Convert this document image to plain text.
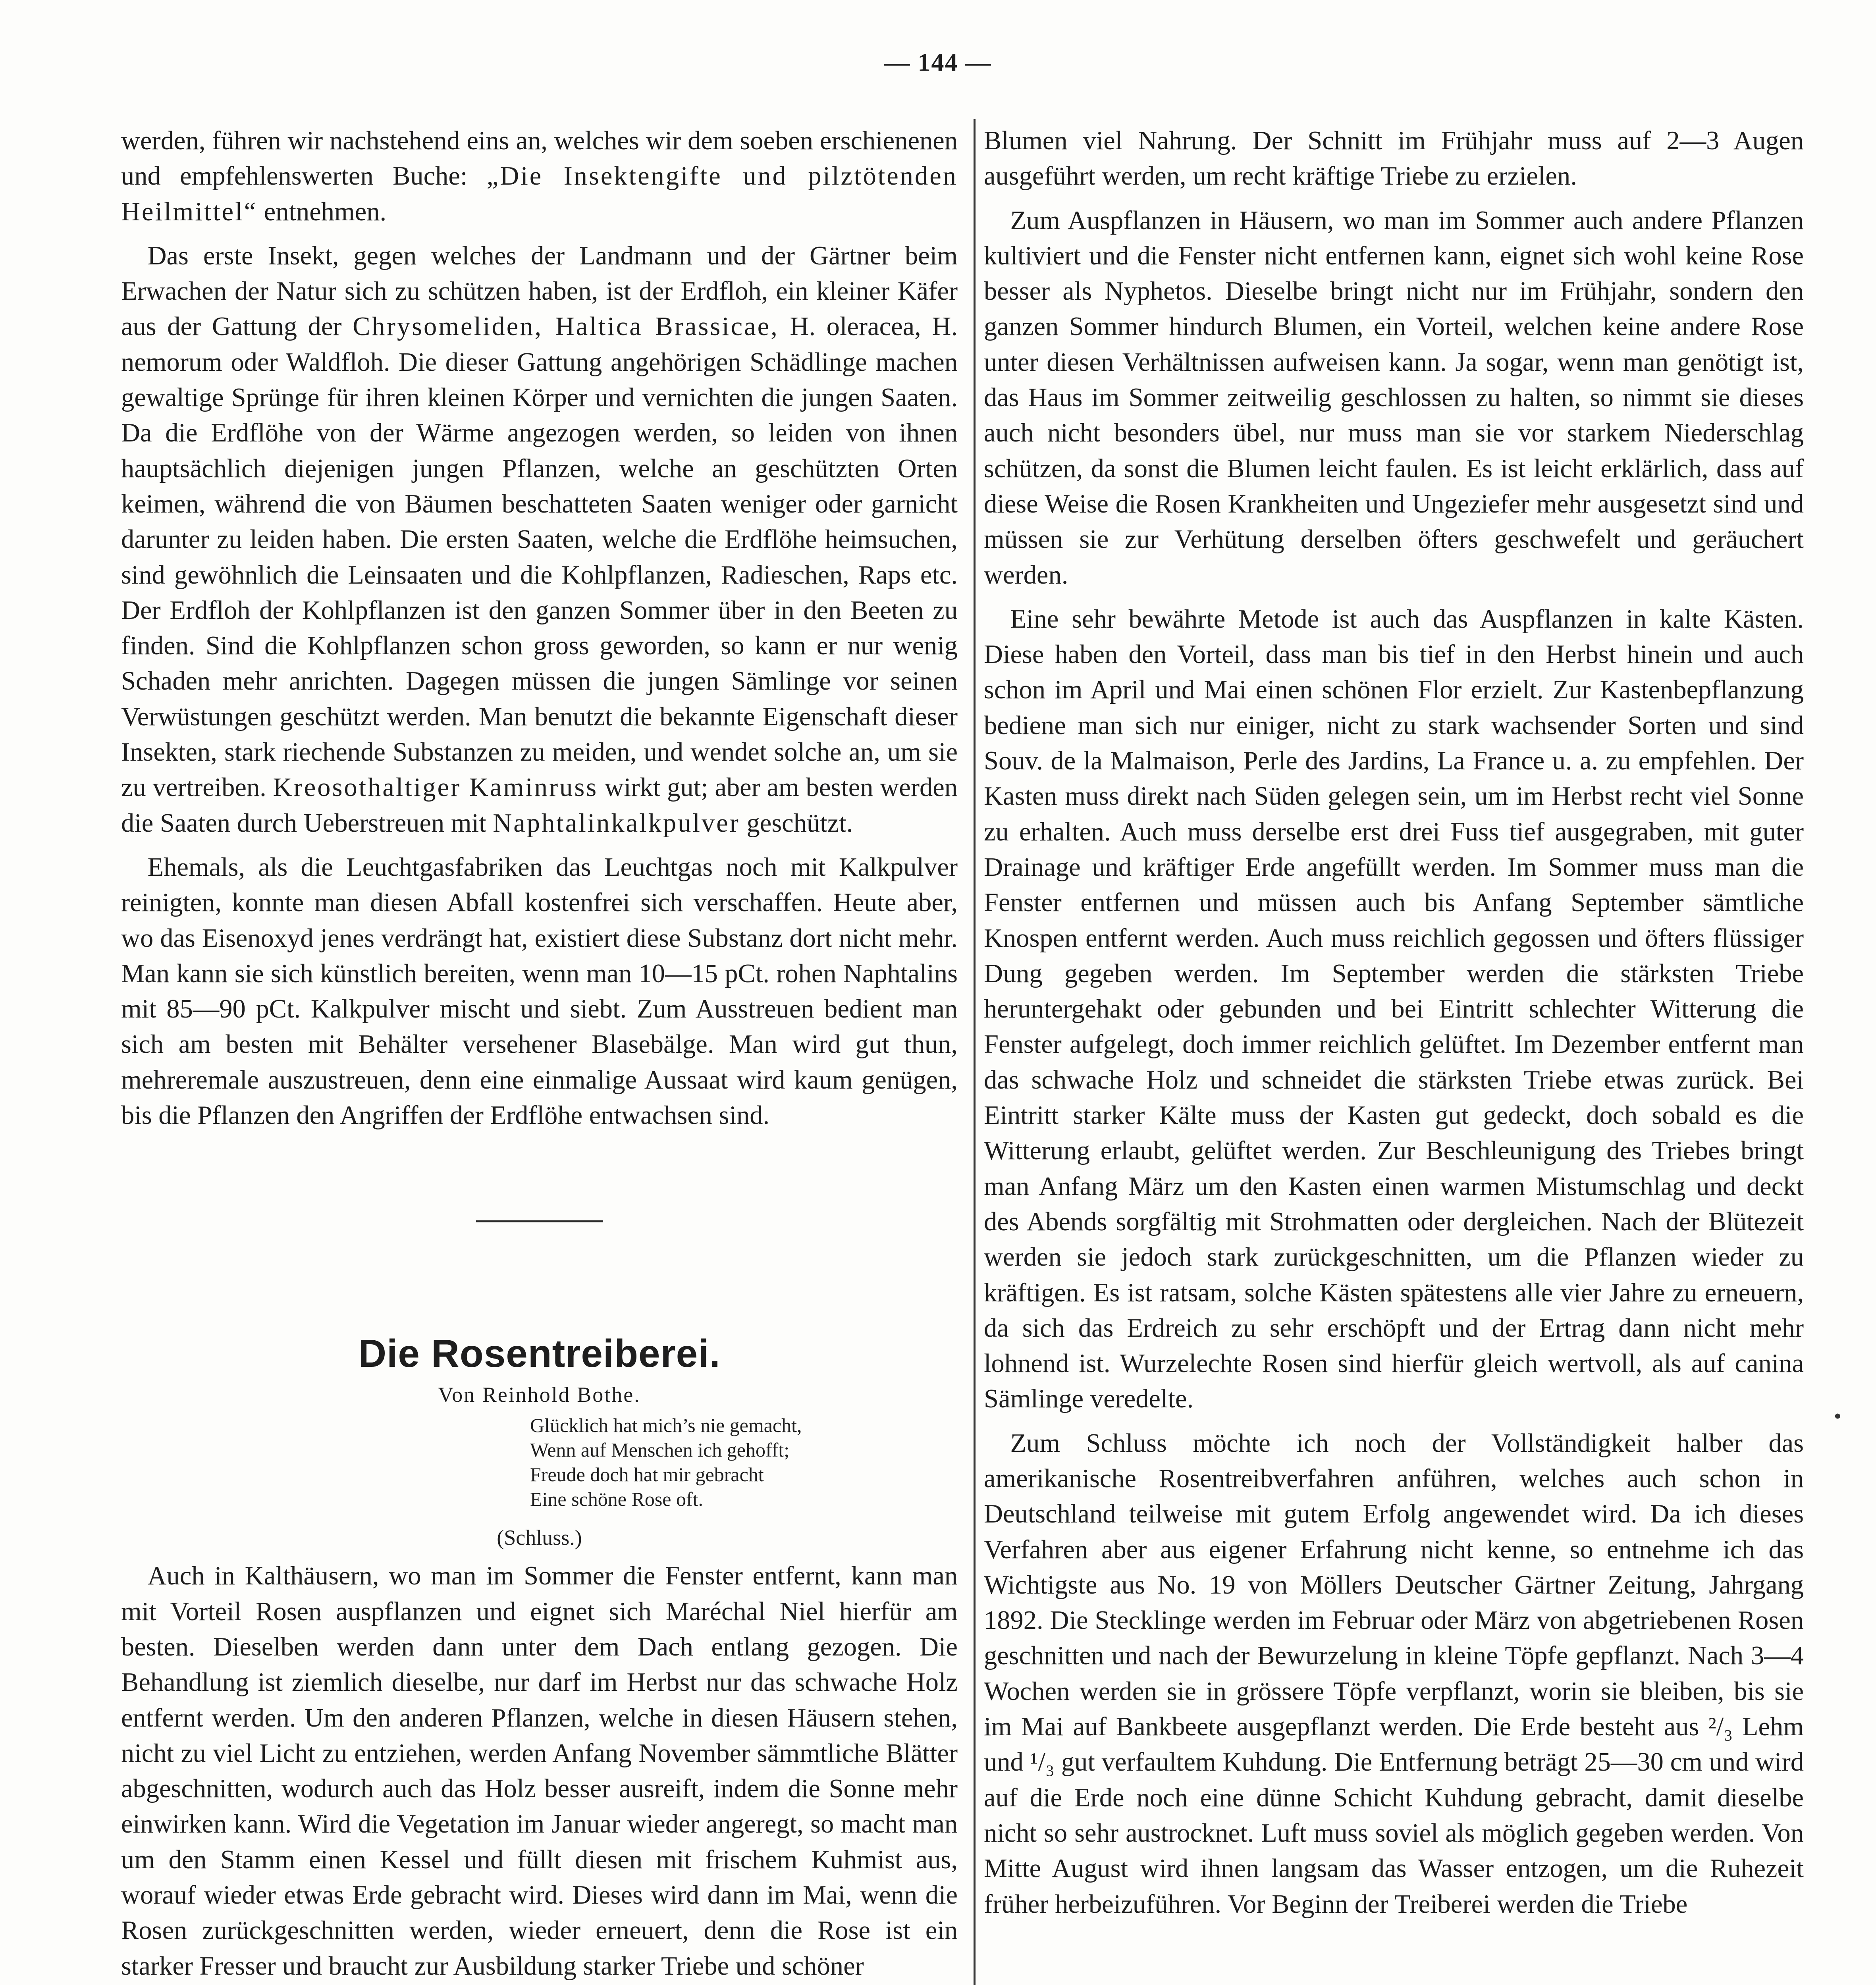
— 144 —

werden, führen wir nachstehend eins an, welches wir dem soeben erschienenen und empfehlenswerten Buche: „Die Insektengifte und pilztötenden Heilmittel“ entnehmen.

 Das erste Insekt, gegen welches der Landmann und der Gärtner beim Erwachen der Natur sich zu schützen haben, ist der Erdfloh, ein kleiner Käfer aus der Gattung der Chrysomeliden, Haltica Brassicae, H. oleracea, H. nemorum oder Waldfloh. Die dieser Gattung angehörigen Schädlinge machen gewaltige Sprünge für ihren kleinen Körper und vernichten die jungen Saaten. Da die Erdflöhe von der Wärme angezogen werden, so leiden von ihnen hauptsächlich diejenigen jungen Pflanzen, welche an geschützten Orten keimen, während die von Bäumen beschatteten Saaten weniger oder garnicht darunter zu leiden haben. Die ersten Saaten, welche die Erdflöhe heimsuchen, sind gewöhnlich die Leinsaaten und die Kohlpflanzen, Radieschen, Raps etc. Der Erdfloh der Kohlpflanzen ist den ganzen Sommer über in den Beeten zu finden. Sind die Kohlpflanzen schon gross geworden, so kann er nur wenig Schaden mehr anrichten. Dagegen müssen die jungen Sämlinge vor seinen Verwüstungen geschützt werden. Man benutzt die bekannte Eigenschaft dieser Insekten, stark riechende Substanzen zu meiden, und wendet solche an, um sie zu vertreiben. Kreosothaltiger Kaminruss wirkt gut; aber am besten werden die Saaten durch Ueberstreuen mit Naphtalinkalkpulver geschützt.

 Ehemals, als die Leuchtgasfabriken das Leuchtgas noch mit Kalkpulver reinigten, konnte man diesen Abfall kostenfrei sich verschaffen. Heute aber, wo das Eisenoxyd jenes verdrängt hat, existiert diese Substanz dort nicht mehr. Man kann sie sich künstlich bereiten, wenn man 10—15 pCt. rohen Naphtalins mit 85—90 pCt. Kalkpulver mischt und siebt. Zum Ausstreuen bedient man sich am besten mit Behälter versehener Blasebälge. Man wird gut thun, mehreremale auszustreuen, denn eine einmalige Aussaat wird kaum genügen, bis die Pflanzen den Angriffen der Erdflöhe entwachsen sind.

Die Rosentreiberei.
Von Reinhold Bothe.
Glücklich hat mich’s nie gemacht,
Wenn auf Menschen ich gehofft;
Freude doch hat mir gebracht
Eine schöne Rose oft.
(Schluss.)

 Auch in Kalthäusern, wo man im Sommer die Fenster entfernt, kann man mit Vorteil Rosen auspflanzen und eignet sich Maréchal Niel hierfür am besten. Dieselben werden dann unter dem Dach entlang gezogen. Die Behandlung ist ziemlich dieselbe, nur darf im Herbst nur das schwache Holz entfernt werden. Um den anderen Pflanzen, welche in diesen Häusern stehen, nicht zu viel Licht zu entziehen, werden Anfang November sämmtliche Blätter abgeschnitten, wodurch auch das Holz besser ausreift, indem die Sonne mehr einwirken kann. Wird die Vegetation im Januar wieder angeregt, so macht man um den Stamm einen Kessel und füllt diesen mit frischem Kuhmist aus, worauf wieder etwas Erde gebracht wird. Dieses wird dann im Mai, wenn die Rosen zurückgeschnitten werden, wieder erneuert, denn die Rose ist ein starker Fresser und braucht zur Ausbildung starker Triebe und schöner

Blumen viel Nahrung. Der Schnitt im Frühjahr muss auf 2—3 Augen ausgeführt werden, um recht kräftige Triebe zu erzielen.

 Zum Auspflanzen in Häusern, wo man im Sommer auch andere Pflanzen kultiviert und die Fenster nicht entfernen kann, eignet sich wohl keine Rose besser als Nyphetos. Dieselbe bringt nicht nur im Frühjahr, sondern den ganzen Sommer hindurch Blumen, ein Vorteil, welchen keine andere Rose unter diesen Verhältnissen aufweisen kann. Ja sogar, wenn man genötigt ist, das Haus im Sommer zeitweilig geschlossen zu halten, so nimmt sie dieses auch nicht besonders übel, nur muss man sie vor starkem Niederschlag schützen, da sonst die Blumen leicht faulen. Es ist leicht erklärlich, dass auf diese Weise die Rosen Krankheiten und Ungeziefer mehr ausgesetzt sind und müssen sie zur Verhütung derselben öfters geschwefelt und geräuchert werden.

 Eine sehr bewährte Metode ist auch das Auspflanzen in kalte Kästen. Diese haben den Vorteil, dass man bis tief in den Herbst hinein und auch schon im April und Mai einen schönen Flor erzielt. Zur Kastenbepflanzung bediene man sich nur einiger, nicht zu stark wachsender Sorten und sind Souv. de la Malmaison, Perle des Jardins, La France u. a. zu empfehlen. Der Kasten muss direkt nach Süden gelegen sein, um im Herbst recht viel Sonne zu erhalten. Auch muss derselbe erst drei Fuss tief ausgegraben, mit guter Drainage und kräftiger Erde angefüllt werden. Im Sommer muss man die Fenster entfernen und müssen auch bis Anfang September sämtliche Knospen entfernt werden. Auch muss reichlich gegossen und öfters flüssiger Dung gegeben werden. Im September werden die stärksten Triebe heruntergehakt oder gebunden und bei Eintritt schlechter Witterung die Fenster aufgelegt, doch immer reichlich gelüftet. Im Dezember entfernt man das schwache Holz und schneidet die stärksten Triebe etwas zurück. Bei Eintritt starker Kälte muss der Kasten gut gedeckt, doch sobald es die Witterung erlaubt, gelüftet werden. Zur Beschleunigung des Triebes bringt man Anfang März um den Kasten einen warmen Mistumschlag und deckt des Abends sorgfältig mit Strohmatten oder dergleichen. Nach der Blütezeit werden sie jedoch stark zurückgeschnitten, um die Pflanzen wieder zu kräftigen. Es ist ratsam, solche Kästen spätestens alle vier Jahre zu erneuern, da sich das Erdreich zu sehr erschöpft und der Ertrag dann nicht mehr lohnend ist. Wurzelechte Rosen sind hierfür gleich wertvoll, als auf canina Sämlinge veredelte.

 Zum Schluss möchte ich noch der Vollständigkeit halber das amerikanische Rosentreibverfahren anführen, welches auch schon in Deutschland teilweise mit gutem Erfolg angewendet wird. Da ich dieses Verfahren aber aus eigener Erfahrung nicht kenne, so entnehme ich das Wichtigste aus No. 19 von Möllers Deutscher Gärtner Zeitung, Jahrgang 1892. Die Stecklinge werden im Februar oder März von abgetriebenen Rosen geschnitten und nach der Bewurzelung in kleine Töpfe gepflanzt. Nach 3—4 Wochen werden sie in grössere Töpfe verpflanzt, worin sie bleiben, bis sie im Mai auf Bankbeete ausgepflanzt werden. Die Erde besteht aus ²/₃ Lehm und ¹/₃ gut verfaultem Kuhdung. Die Entfernung beträgt 25—30 cm und wird auf die Erde noch eine dünne Schicht Kuhdung gebracht, damit dieselbe nicht so sehr austrocknet. Luft muss soviel als möglich gegeben werden. Von Mitte August wird ihnen langsam das Wasser entzogen, um die Ruhezeit früher herbeizuführen. Vor Beginn der Treiberei werden die Triebe

•
